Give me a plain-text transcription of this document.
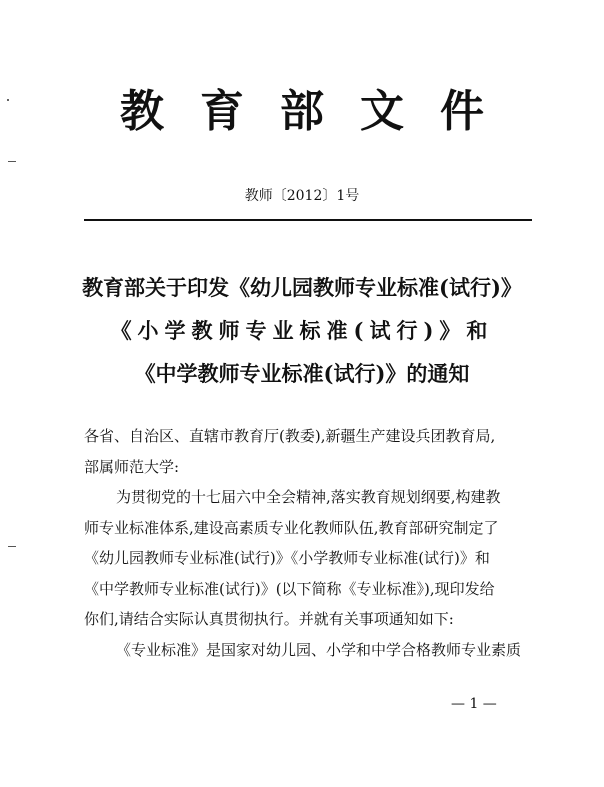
教育部文件
教师〔2012〕1号
教育部关于印发《幼儿园教师专业标准(试行)》
《小学教师专业标准(试行)》和
《中学教师专业标准(试行)》的通知
各省、自治区、直辖市教育厅(教委),新疆生产建设兵团教育局,
部属师范大学:
为贯彻党的十七届六中全会精神,落实教育规划纲要,构建教
师专业标准体系,建设高素质专业化教师队伍,教育部研究制定了
《幼儿园教师专业标准(试行)》《小学教师专业标准(试行)》和
《中学教师专业标准(试行)》(以下简称《专业标准》),现印发给
你们,请结合实际认真贯彻执行。并就有关事项通知如下:
《专业标准》是国家对幼儿园、小学和中学合格教师专业素质
— 1 —
